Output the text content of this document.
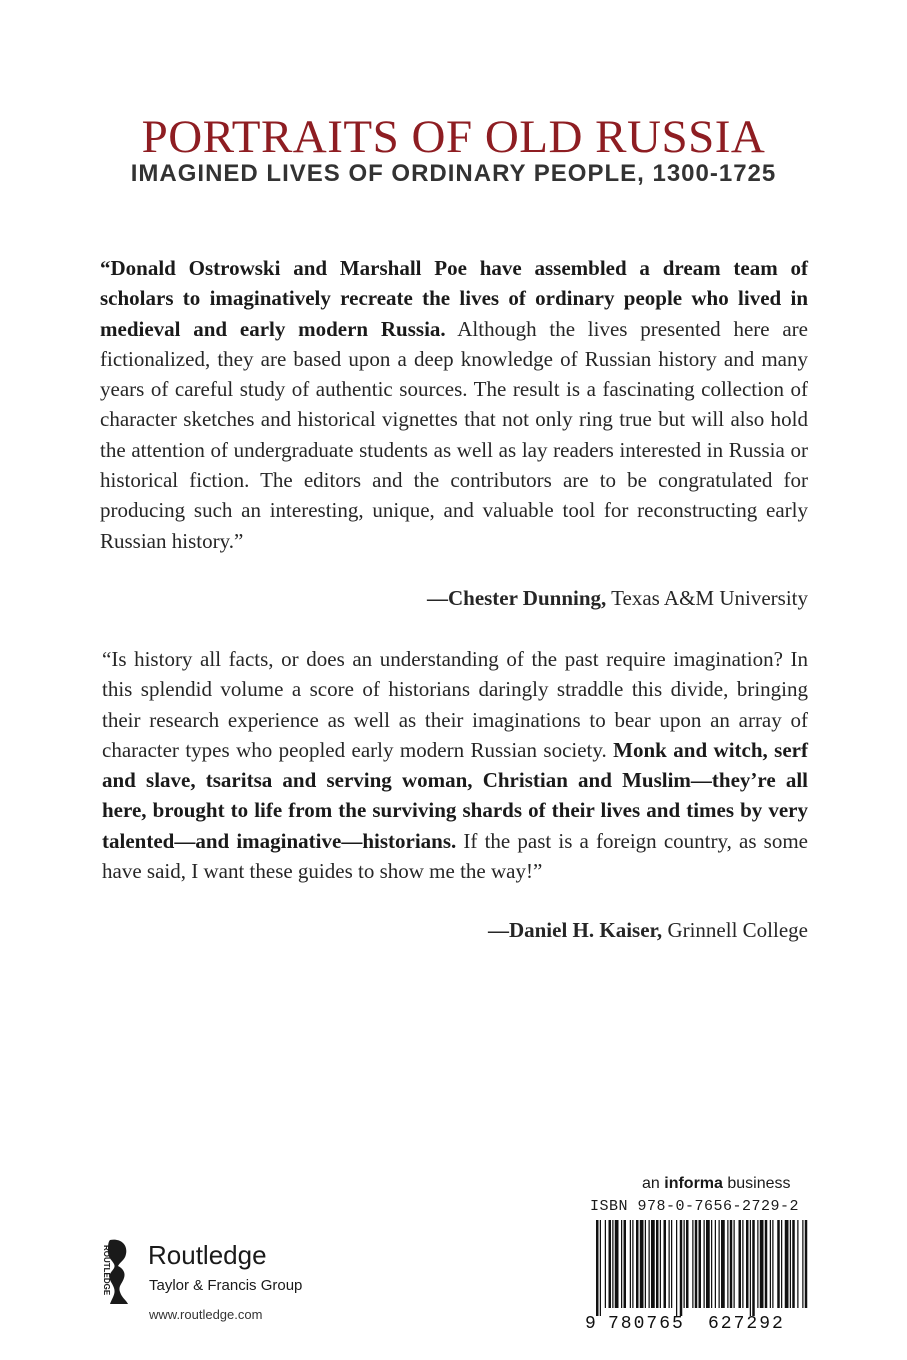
PORTRAITS OF OLD RUSSIA
IMAGINED LIVES OF ORDINARY PEOPLE, 1300-1725

“Donald Ostrowski and Marshall Poe have assembled a dream team of scholars to imaginatively recreate the lives of ordinary people who lived in medieval and early modern Russia. Although the lives presented here are fictionalized, they are based upon a deep knowledge of Russian history and many years of careful study of authentic sources. The result is a fascinating collection of character sketches and historical vignettes that not only ring true but will also hold the attention of undergraduate students as well as lay readers interested in Russia or historical fiction. The editors and the contributors are to be congratulated for producing such an interesting, unique, and valuable tool for reconstructing early Russian history.”

—Chester Dunning, Texas A&M University

“Is history all facts, or does an understanding of the past require imagination? In this splendid volume a score of historians daringly straddle this divide, bringing their research experience as well as their imaginations to bear upon an array of character types who peopled early modern Russian society. Monk and witch, serf and slave, tsaritsa and serving woman, Christian and Muslim—they’re all here, brought to life from the surviving shards of their lives and times by very talented—and imaginative—historians. If the past is a foreign country, as some have said, I want these guides to show me the way!”

—Daniel H. Kaiser, Grinnell College
ROUTLEDGE Routledge
Taylor & Francis Group
www.routledge.com
an informa business
ISBN 978-0-7656-2729-2
9 780765 627292
